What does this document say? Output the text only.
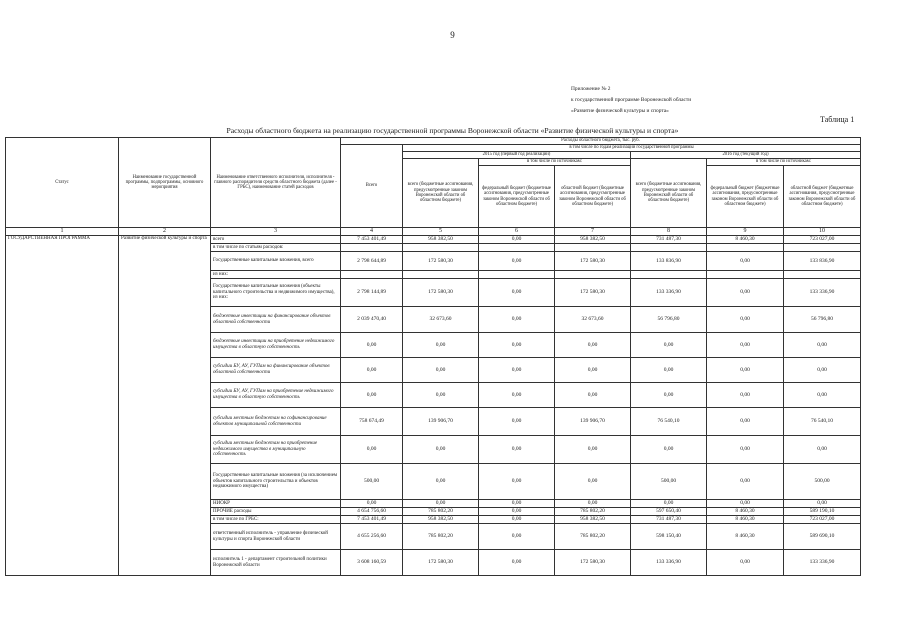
9
Приложение № 2
к государственной программе Воронежской области
«Развитие физической культуры и спорта»
Таблица 1
Расходы областного бюджета на реализацию государственной программы Воронежской области «Развитие физической культуры и спорта»
Статус	Наименование государственной программы, подпрограммы, основного мероприятия	Наименование ответственного исполнителя, исполнителя - главного распорядителя средств областного бюджета (далее - ГРБС), наименование статей расходов	Расходы областного бюджета, тыс. руб.						
			Всего	в том числе по годам реализации государственной программы					
				2015 год (первый год реализации)			2016 год (текущий год)		
				всего (бюджетные ассигнования, предусмотренные законом Воронежской области об областном бюджете)	в том числе по источникам:		всего (бюджетные ассигнования, предусмотренные законом Воронежской области об областном бюджете)	в том числе по источникам:	
					федеральный бюджет (бюджетные ассигнования, предусмотренные законом Воронежской области об областном бюджете)	областной бюджет (бюджетные ассигнования, предусмотренные законом Воронежской области об областном бюджете)		федеральный бюджет (бюджетные ассигнования, предусмотренные законом Воронежской области об областном бюджете)	областной бюджет (бюджетные ассигнования, предусмотренные законом Воронежской области об областном бюджете)
1	2	3	4	5	6	7	8	9	10
ГОСУДАРСТВЕННАЯ ПРОГРАММА	Развитие физической культуры и спорта	всего	7 453 401,49	958 382,50	0,00	958 382,50	731 487,30	8 460,30	723 027,00
		в том числе по статьям расходов:							
		Государственные капитальные вложения, всего	2 798 644,89	172 580,30	0,00	172 580,30	133 836,90	0,00	133 836,90
		из них:							
		Государственные капитальные вложения (объекты капитального строительства и недвижимого имущества), из них:	2 798 144,89	172 580,30	0,00	172 580,30	133 336,90	0,00	133 336,90
		бюджетные инвестиции на финансирование объектов областной собственности	2 039 470,40	32 673,60	0,00	32 673,60	56 796,80	0,00	56 796,80
		бюджетные инвестиции на приобретение недвижимого имущества в областную собственность	0,00	0,00	0,00	0,00	0,00	0,00	0,00
		субсидии БУ, АУ, ГУПам на финансирование объектов областной собственности	0,00	0,00	0,00	0,00	0,00	0,00	0,00
		субсидии БУ, АУ, ГУПам на приобретение недвижимого имущества в областную собственность	0,00	0,00	0,00	0,00	0,00	0,00	0,00
		субсидии местным бюджетам на софинансирование объектов муниципальной собственности	758 674,49	139 906,70	0,00	139 906,70	76 540,10	0,00	76 540,10
		субсидии местным бюджетам на приобретение недвижимого имущества в муниципальную собственность	0,00	0,00	0,00	0,00	0,00	0,00	0,00
		Государственные капитальные вложения (за исключением объектов капитального строительства и объектов недвижимого имущества)	500,00	0,00	0,00	0,00	500,00	0,00	500,00
		НИОКР	0,00	0,00	0,00	0,00	0,00	0,00	0,00
		ПРОЧИЕ расходы	4 654 756,60	785 802,20	0,00	785 802,20	597 650,40	8 460,30	589 190,10
		в том числе по ГРБС:	7 453 401,49	958 382,50	0,00	958 382,50	731 487,30	8 460,30	723 027,00
		ответственный исполнитель - управление физической культуры и спорта Воронежской области	4 655 256,60	785 802,20	0,00	785 802,20	598 150,40	8 460,30	589 690,10
		исполнитель 1 - департамент строительной политики Воронежской области	3 608 160,59	172 580,30	0,00	172 580,30	133 336,90	0,00	133 336,90
